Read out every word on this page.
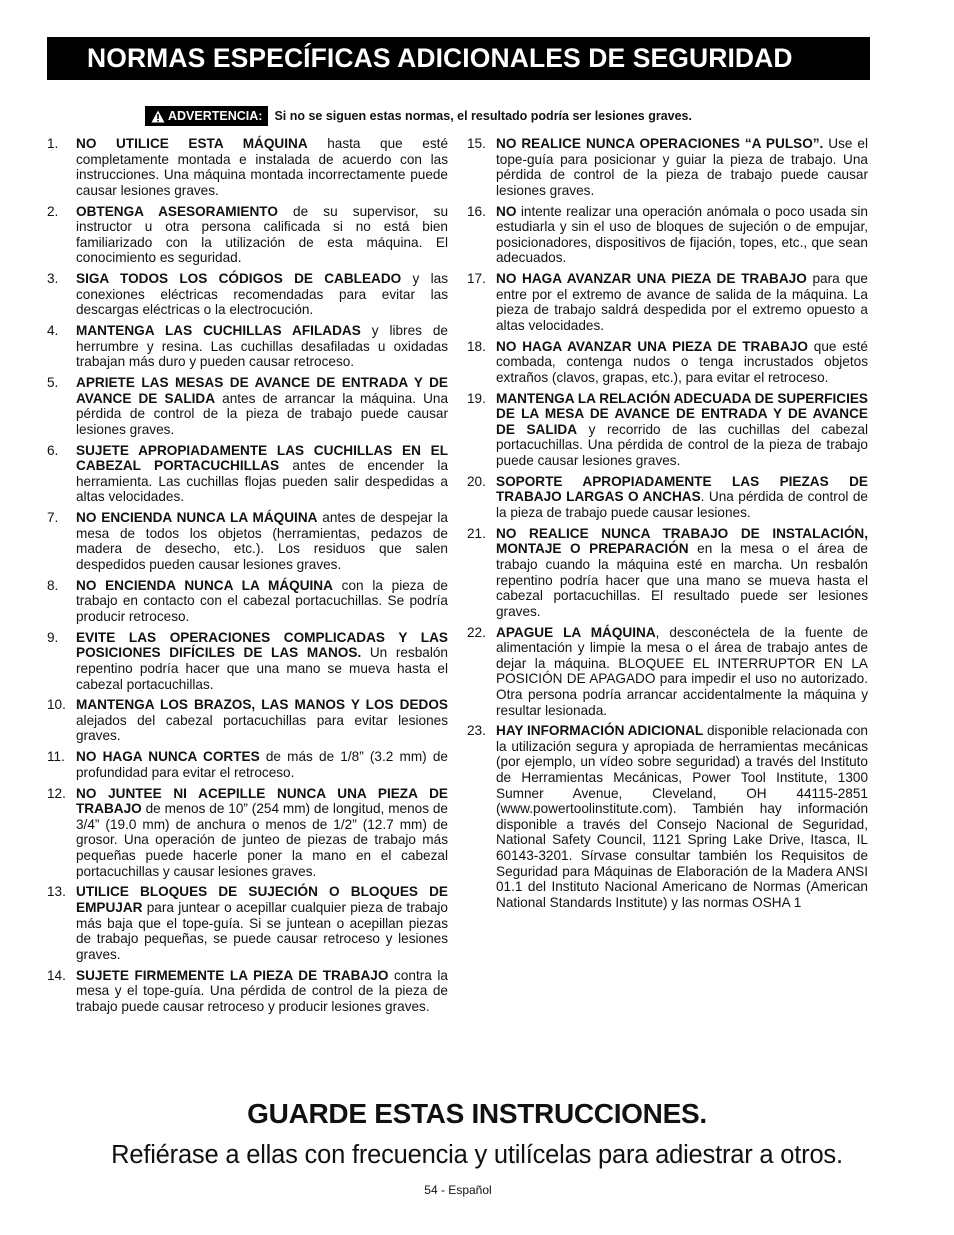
NORMAS ESPECÍFICAS ADICIONALES DE SEGURIDAD
ADVERTENCIA: Si no se siguen estas normas, el resultado podría ser lesiones graves.
1.	NO UTILICE ESTA MÁQUINA hasta que esté completamente montada e instalada de acuerdo con las instrucciones. Una máquina montada incorrectamente puede causar lesiones graves.
2.	OBTENGA ASESORAMIENTO de su supervisor, su instructor u otra persona calificada si no está bien familiarizado con la utilización de esta máquina. El conocimiento es seguridad.
3.	SIGA TODOS LOS CÓDIGOS DE CABLEADO y las conexiones eléctricas recomendadas para evitar las descargas eléctricas o la electrocución.
4.	MANTENGA LAS CUCHILLAS AFILADAS y libres de herrumbre y resina. Las cuchillas desafiladas u oxidadas trabajan más duro y pueden causar retroceso.
5.	APRIETE LAS MESAS DE AVANCE DE ENTRADA Y DE AVANCE DE SALIDA antes de arrancar la máquina. Una pérdida de control de la pieza de trabajo puede causar lesiones graves.
6.	SUJETE APROPIADAMENTE LAS CUCHILLAS EN EL CABEZAL PORTACUCHILLAS antes de encender la herramienta. Las cuchillas flojas pueden salir despedidas a altas velocidades.
7.	NO ENCIENDA NUNCA LA MÁQUINA antes de despejar la mesa de todos los objetos (herramientas, pedazos de madera de desecho, etc.). Los residuos que salen despedidos pueden causar lesiones graves.
8.	NO ENCIENDA NUNCA LA MÁQUINA con la pieza de trabajo en contacto con el cabezal portacuchillas. Se podría producir retroceso.
9.	EVITE LAS OPERACIONES COMPLICADAS Y LAS POSICIONES DIFÍCILES DE LAS MANOS. Un resbalón repentino podría hacer que una mano se mueva hasta el cabezal portacuchillas.
10. MANTENGA LOS BRAZOS, LAS MANOS Y LOS DEDOS alejados del cabezal portacuchillas para evitar lesiones graves.
11. NO HAGA NUNCA CORTES de más de 1/8” (3.2 mm) de profundidad para evitar el retroceso.
12. NO JUNTEE NI ACEPILLE NUNCA UNA PIEZA DE TRABAJO de menos de 10” (254 mm) de longitud, menos de 3/4” (19.0 mm) de anchura o menos de 1/2” (12.7 mm) de grosor. Una operación de junteo de piezas de trabajo más pequeñas puede hacerle poner la mano en el cabezal portacuchillas y causar lesiones graves.
13. UTILICE BLOQUES DE SUJECIÓN O BLOQUES DE EMPUJAR para juntear o acepillar cualquier pieza de trabajo más baja que el tope-guía. Si se juntean o acepillan piezas de trabajo pequeñas, se puede causar retroceso y lesiones graves.
14. SUJETE FIRMEMENTE LA PIEZA DE TRABAJO contra la mesa y el tope-guía. Una pérdida de control de la pieza de trabajo puede causar retroceso y producir lesiones graves.
15. NO REALICE NUNCA OPERACIONES “A PULSO”. Use el tope-guía para posicionar y guiar la pieza de trabajo. Una pérdida de control de la pieza de trabajo puede causar lesiones graves.
16. NO intente realizar una operación anómala o poco usada sin estudiarla y sin el uso de bloques de sujeción o de empujar, posicionadores, dispositivos de fijación, topes, etc., que sean adecuados.
17. NO HAGA AVANZAR UNA PIEZA DE TRABAJO para que entre por el extremo de avance de salida de la máquina. La pieza de trabajo saldrá despedida por el extremo opuesto a altas velocidades.
18. NO HAGA AVANZAR UNA PIEZA DE TRABAJO que esté combada, contenga nudos o tenga incrustados objetos extraños (clavos, grapas, etc.), para evitar el retroceso.
19. MANTENGA LA RELACIÓN ADECUADA DE SUPERFICIES DE LA MESA DE AVANCE DE ENTRADA Y DE AVANCE DE SALIDA y recorrido de las cuchillas del cabezal portacuchillas. Una pérdida de control de la pieza de trabajo puede causar lesiones graves.
20. SOPORTE APROPIADAMENTE LAS PIEZAS DE TRABAJO LARGAS O ANCHAS. Una pérdida de control de la pieza de trabajo puede causar lesiones.
21. NO REALICE NUNCA TRABAJO DE INSTALACIÓN, MONTAJE O PREPARACIÓN en la mesa o el área de trabajo cuando la máquina esté en marcha. Un resbalón repentino podría hacer que una mano se mueva hasta el cabezal portacuchillas. El resultado puede ser lesiones graves.
22. APAGUE LA MÁQUINA, desconéctela de la fuente de alimentación y limpie la mesa o el área de trabajo antes de dejar la máquina. BLOQUEE EL INTERRUPTOR EN LA POSICIÓN DE APAGADO para impedir el uso no autorizado. Otra persona podría arrancar accidentalmente la máquina y resultar lesionada.
23. HAY INFORMACIÓN ADICIONAL disponible relacionada con la utilización segura y apropiada de herramientas mecánicas (por ejemplo, un vídeo sobre seguridad) a través del Instituto de Herramientas Mecánicas, Power Tool Institute, 1300 Sumner Avenue, Cleveland, OH 44115-2851 (www.powertoolinstitute.com). También hay información disponible a través del Consejo Nacional de Seguridad, National Safety Council, 1121 Spring Lake Drive, Itasca, IL 60143-3201. Sírvase consultar también los Requisitos de Seguridad para Máquinas de Elaboración de la Madera ANSI 01.1 del Instituto Nacional Americano de Normas (American National Standards Institute) y las normas OSHA 1
GUARDE ESTAS INSTRUCCIONES.
Refiérase a ellas con frecuencia y utilícelas para adiestrar a otros.
54 - Español
